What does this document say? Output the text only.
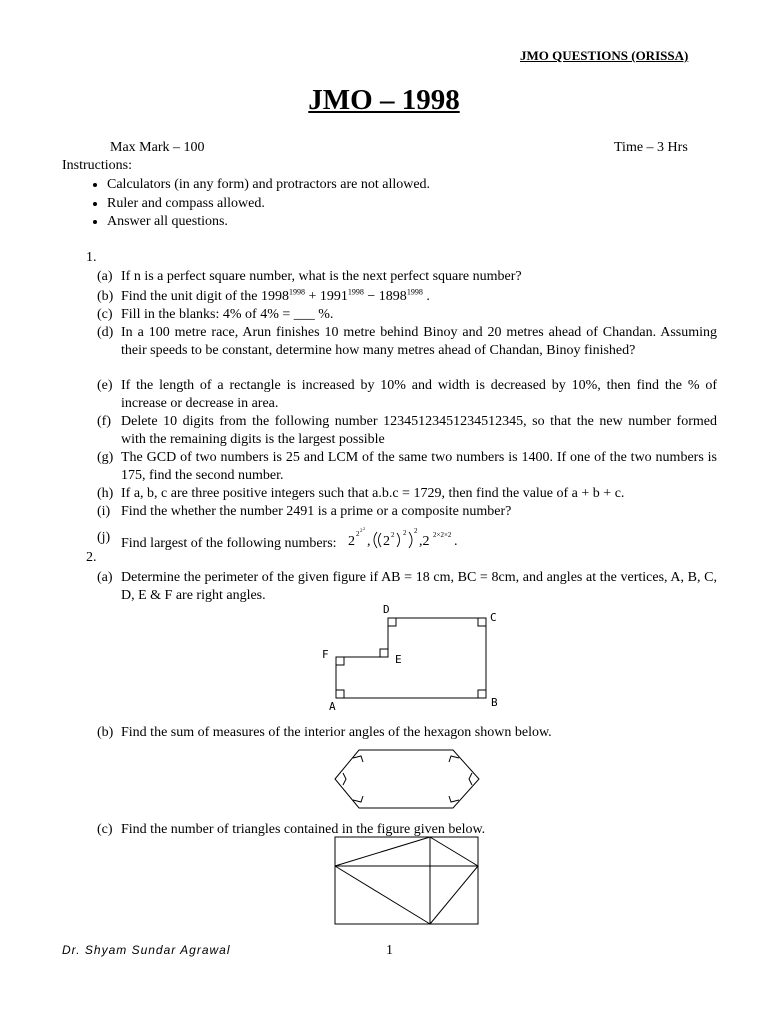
JMO QUESTIONS (ORISSA)
JMO – 1998
Max Mark – 100	Time – 3 Hrs
Instructions:
• Calculators (in any form) and protractors are not allowed.
• Ruler and compass allowed.
• Answer all questions.
1.
(a) If n is a perfect square number, what is the next perfect square number?
(b) Find the unit digit of the $1998^{1998} + 1991^{1998} - 1898^{1998}$ .
(c) Fill in the blanks: 4% of 4% = ___ %.
(d) In a 100 metre race, Arun finishes 10 metre behind Binoy and 20 metres ahead of Chandan. Assuming their speeds to be constant, determine how many metres ahead of Chandan, Binoy finished?
(e) If the length of a rectangle is increased by 10% and width is decreased by 10%, then find the % of increase or decrease in area.
(f) Delete 10 digits from the following number 12345123451234512345, so that the new number formed with the remaining digits is the largest possible
(g) The GCD of two numbers is 25 and LCM of the same two numbers is 1400. If one of the two numbers is 175, find the second number.
(h) If a, b, c are three positive integers such that a.b.c = 1729, then find the value of a + b + c.
(i) Find the whether the number 2491 is a prime or a composite number?
(j) Find largest of the following numbers: 2 2 2
2
, 2 2 2 2
,2 2×2×2 .
2.
(a) Determine the perimeter of the given figure if AB = 18 cm, BC = 8cm, and angles at the vertices, A, B, C, D, E & F are right angles.
D
C
F	E
A	B
(b) Find the sum of measures of the interior angles of the hexagon shown below.
(c) Find the number of triangles contained in the figure given below.
Dr. Shyam Sundar Agrawal	1
